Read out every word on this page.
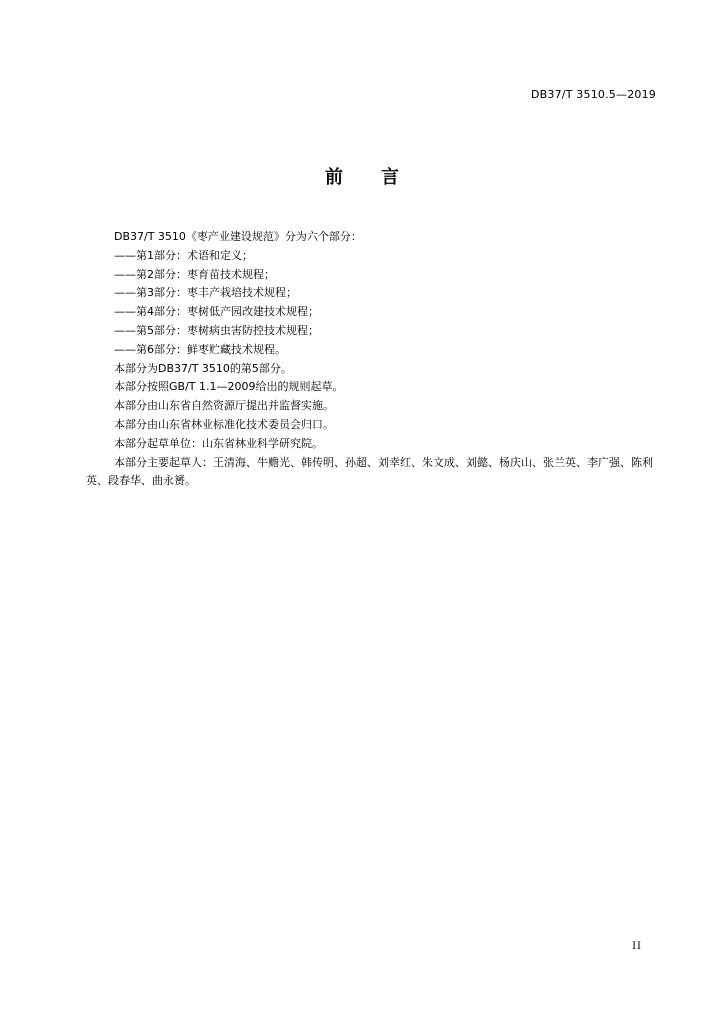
DB37/T 3510.5—2019
前 言

DB37/T 3510《枣产业建设规范》分为六个部分：

——第1部分：术语和定义；

——第2部分：枣育苗技术规程；

——第3部分：枣丰产栽培技术规程；

——第4部分：枣树低产园改建技术规程；

——第5部分：枣树病虫害防控技术规程；

——第6部分：鲜枣贮藏技术规程。

本部分为DB37/T 3510的第5部分。

本部分按照GB/T 1.1—2009给出的规则起草。

本部分由山东省自然资源厅提出并监督实施。

本部分由山东省林业标准化技术委员会归口。

本部分起草单位：山东省林业科学研究院。

本部分主要起草人：王清海、牛赡光、韩传明、孙超、刘幸红、朱文成、刘懿、杨庆山、张兰英、李广强、陈利英、段春华、曲永赟。

II
